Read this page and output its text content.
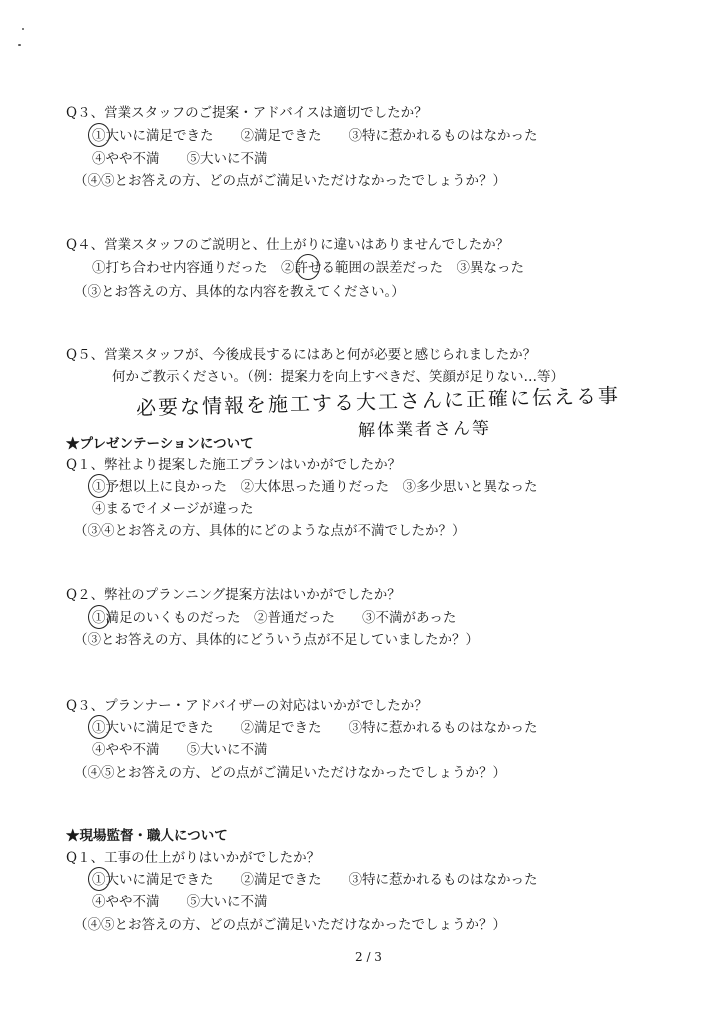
Q３、営業スタッフのご提案・アドバイスは適切でしたか？
①大いに満足できた　　②満足できた　　③特に惹かれるものはなかった
④やや不満　　⑤大いに不満
（④⑤とお答えの方、どの点がご満足いただけなかったでしょうか？）
Q４、営業スタッフのご説明と、仕上がりに違いはありませんでしたか？
①打ち合わせ内容通りだった　②許せる範囲の誤差だった　③異なった
（③とお答えの方、具体的な内容を教えてください。）
Q５、営業スタッフが、今後成長するにはあと何が必要と感じられましたか？
何かご教示ください。（例：提案力を向上すべきだ、笑顔が足りない…等）
必要な情報を施工する大工さんに正確に伝える事
解体業者さん等
★プレゼンテーションについて
Q１、弊社より提案した施工プランはいかがでしたか？
①予想以上に良かった　②大体思った通りだった　③多少思いと異なった
④まるでイメージが違った
（③④とお答えの方、具体的にどのような点が不満でしたか？）
Q２、弊社のプランニング提案方法はいかがでしたか？
①満足のいくものだった　②普通だった　　③不満があった
（③とお答えの方、具体的にどういう点が不足していましたか？）
Q３、プランナー・アドバイザーの対応はいかがでしたか？
①大いに満足できた　　②満足できた　　③特に惹かれるものはなかった
④やや不満　　⑤大いに不満
（④⑤とお答えの方、どの点がご満足いただけなかったでしょうか？）
★現場監督・職人について
Q１、工事の仕上がりはいかがでしたか？
①大いに満足できた　　②満足できた　　③特に惹かれるものはなかった
④やや不満　　⑤大いに不満
（④⑤とお答えの方、どの点がご満足いただけなかったでしょうか？）
2 / 3
